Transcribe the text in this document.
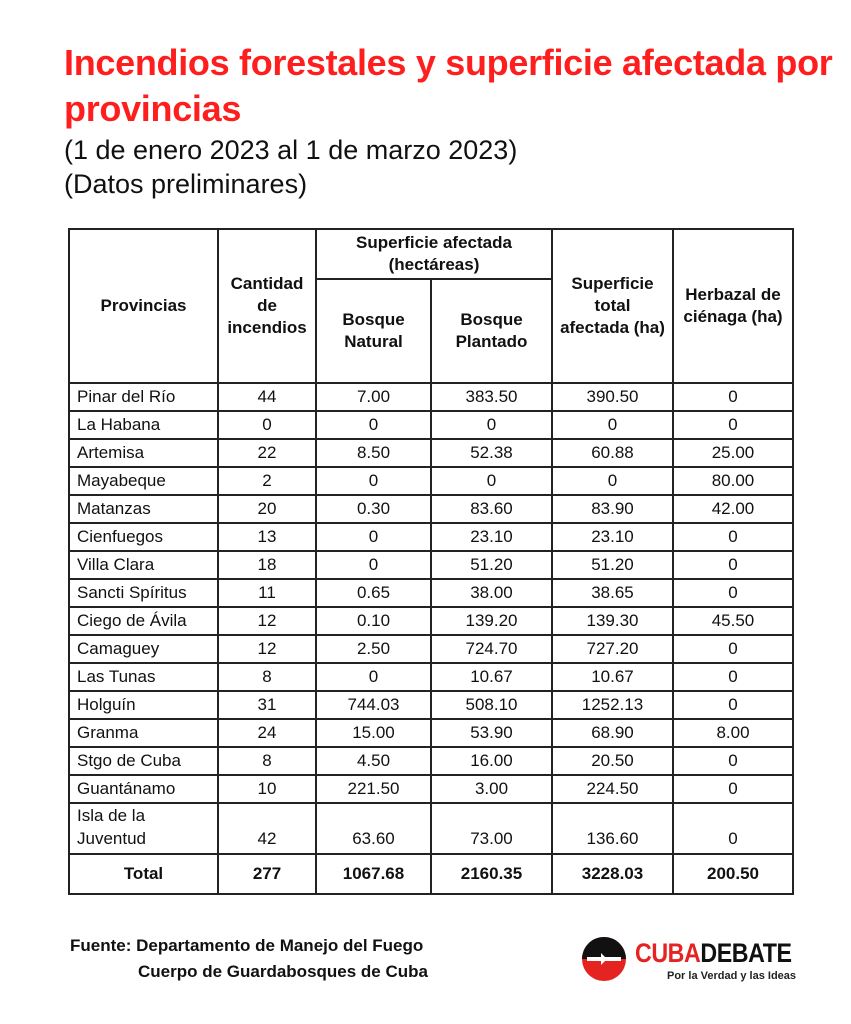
Incendios forestales y superficie afectada por provincias

(1 de enero 2023 al 1 de marzo 2023)

(Datos preliminares)

Provincias	Cantidad de incendios	Superficie afectada (hectáreas)		Superficie total afectada (ha)	Herbazal de ciénaga (ha)
		Bosque Natural	Bosque Plantado		
Pinar del Río	44	7.00	383.50	390.50	0
La Habana	0	0	0	0	0
Artemisa	22	8.50	52.38	60.88	25.00
Mayabeque	2	0	0	0	80.00
Matanzas	20	0.30	83.60	83.90	42.00
Cienfuegos	13	0	23.10	23.10	0
Villa Clara	18	0	51.20	51.20	0
Sancti Spíritus	11	0.65	38.00	38.65	0
Ciego de Ávila	12	0.10	139.20	139.30	45.50
Camaguey	12	2.50	724.70	727.20	0
Las Tunas	8	0	10.67	10.67	0
Holguín	31	744.03	508.10	1252.13	0
Granma	24	15.00	53.90	68.90	8.00
Stgo de Cuba	8	4.50	16.00	20.50	0
Guantánamo	10	221.50	3.00	224.50	0
Isla de la Juventud	42	63.60	73.00	136.60	0
Total	277	1067.68	2160.35	3228.03	200.50
Fuente: Departamento de Manejo del Fuego
Cuerpo de Guardabosques de Cuba
CUBADEBATE
Por la Verdad y las Ideas
